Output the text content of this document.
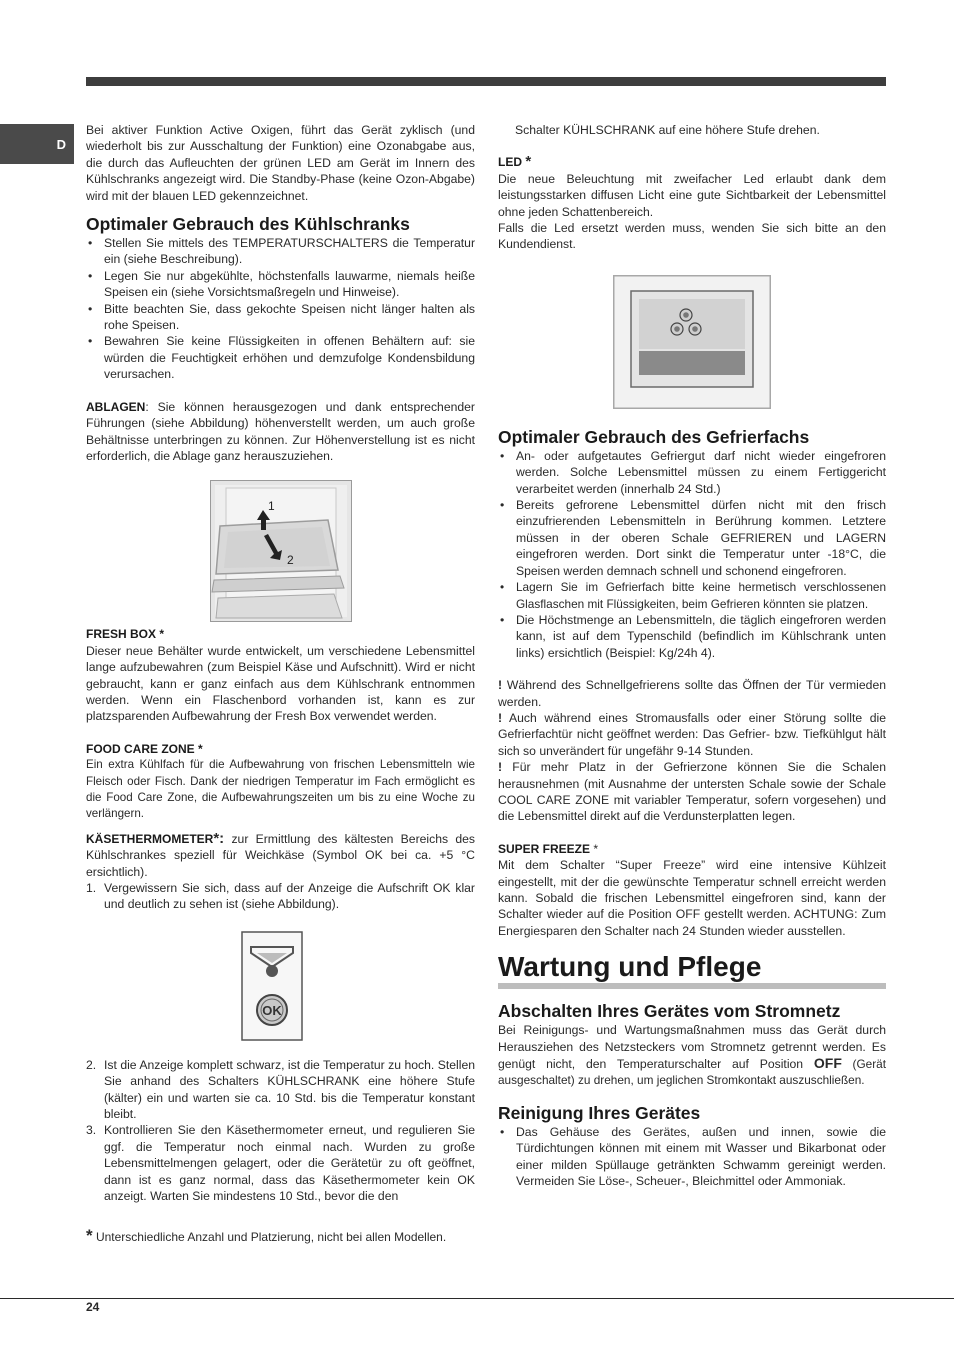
D

Bei aktiver Funktion Active Oxigen, führt das Gerät zyklisch (und wiederholt bis zur Ausschaltung der Funktion) eine Ozonabgabe aus, die durch das Aufleuchten der grünen LED am Gerät im Innern des Kühlschranks angezeigt wird. Die Standby-Phase (keine Ozon-Abgabe) wird mit der blauen LED gekennzeichnet.

Optimaler Gebrauch des Kühlschranks
• Stellen Sie mittels des TEMPERATURSCHALTERS die Temperatur ein (siehe Beschreibung).
• Legen Sie nur abgekühlte, höchstenfalls lauwarme, niemals heiße Speisen ein (siehe Vorsichtsmaßregeln und Hinweise).
• Bitte beachten Sie, dass gekochte Speisen nicht länger halten als rohe Speisen.
• Bewahren Sie keine Flüssigkeiten in offenen Behältern auf: sie würden die Feuchtigkeit erhöhen und demzufolge Kondensbildung verursachen.

ABLAGEN: Sie können herausgezogen und dank entsprechender Führungen (siehe Abbildung) höhenverstellt werden, um auch große Behältnisse unterbringen zu können. Zur Höhenverstellung ist es nicht erforderlich, die Ablage ganz herauszuziehen.

1
2
FRESH BOX *

Dieser neue Behälter wurde entwickelt, um verschiedene Lebensmittel lange aufzubewahren (zum Beispiel Käse und Aufschnitt). Wird er nicht gebraucht, kann er ganz einfach aus dem Kühlschrank entnommen werden. Wenn ein Flaschenbord vorhanden ist, kann es zur platzsparenden Aufbewahrung der Fresh Box verwendet werden.

FOOD CARE ZONE *

Ein extra Kühlfach für die Aufbewahrung von frischen Lebensmitteln wie Fleisch oder Fisch. Dank der niedrigen Temperatur im Fach ermöglicht es die Food Care Zone, die Aufbewahrungszeiten um bis zu eine Woche zu verlängern.

KÄSETHERMOMETER*: zur Ermittlung des kältesten Bereichs des Kühlschrankes speziell für Weichkäse (Symbol OK bei ca. +5 °C ersichtlich).

1. Vergewissern Sie sich, dass auf der Anzeige die Aufschrift OK klar und deutlich zu sehen ist (siehe Abbildung).
OK
2. Ist die Anzeige komplett schwarz, ist die Temperatur zu hoch. Stellen Sie anhand des Schalters KÜHLSCHRANK eine höhere Stufe (kälter) ein und warten sie ca. 10 Std. bis die Temperatur konstant bleibt.
3. Kontrollieren Sie den Käsethermometer erneut, und regulieren Sie ggf. die Temperatur noch einmal nach. Wurden zu große Lebensmittelmengen gelagert, oder die Gerätetür zu oft geöffnet, dann ist es ganz normal, dass das Käsethermometer kein OK anzeigt. Warten Sie mindestens 10 Std., bevor die den

* Unterschiedliche Anzahl und Platzierung, nicht bei allen Modellen.

Schalter KÜHLSCHRANK auf eine höhere Stufe drehen.

LED *

Die neue Beleuchtung mit zweifacher Led erlaubt dank dem leistungsstarken diffusen Licht eine gute Sichtbarkeit der Lebensmittel ohne jeden Schattenbereich.

Falls die Led ersetzt werden muss, wenden Sie sich bitte an den Kundendienst.

Optimaler Gebrauch des Gefrierfachs
• An- oder aufgetautes Gefriergut darf nicht wieder eingefroren werden. Solche Lebensmittel müssen zu einem Fertiggericht verarbeitet werden (innerhalb 24 Std.)
• Bereits gefrorene Lebensmittel dürfen nicht mit den frisch einzufrierenden Lebensmitteln in Berührung kommen. Letztere müssen in der oberen Schale GEFRIEREN und LAGERN eingefroren werden. Dort sinkt die Temperatur unter -18°C, die Speisen werden demnach schnell und schonend eingefroren.
• Lagern Sie im Gefrierfach bitte keine hermetisch verschlossenen Glasflaschen mit Flüssigkeiten, beim Gefrieren könnten sie platzen.
• Die Höchstmenge an Lebensmitteln, die täglich eingefroren werden kann, ist auf dem Typenschild (befindlich im Kühlschrank unten links) ersichtlich (Beispiel: Kg/24h 4).

! Während des Schnellgefrierens sollte das Öffnen der Tür vermieden werden.

! Auch während eines Stromausfalls oder einer Störung sollte die Gefrierfachtür nicht geöffnet werden: Das Gefrier- bzw. Tiefkühlgut hält sich so unverändert für ungefähr 9-14 Stunden.

! Für mehr Platz in der Gefrierzone können Sie die Schalen herausnehmen (mit Ausnahme der untersten Schale sowie der Schale COOL CARE ZONE mit variabler Temperatur, sofern vorgesehen) und die Lebensmittel direkt auf die Verdunsterplatten legen.

SUPER FREEZE *

Mit dem Schalter “Super Freeze” wird eine intensive Kühlzeit eingestellt, mit der die gewünschte Temperatur schnell erreicht werden kann. Sobald die frischen Lebensmittel eingefroren sind, kann der Schalter wieder auf die Position OFF gestellt werden. ACHTUNG: Zum Energiesparen den Schalter nach 24 Stunden wieder ausstellen.

Wartung und Pflege
Abschalten Ihres Gerätes vom Stromnetz

Bei Reinigungs- und Wartungsmaßnahmen muss das Gerät durch Herausziehen des Netzsteckers vom Stromnetz getrennt werden. Es genügt nicht, den Temperaturschalter auf Position OFF (Gerät ausgeschaltet) zu drehen, um jeglichen Stromkontakt auszuschließen.

Reinigung Ihres Gerätes
• Das Gehäuse des Gerätes, außen und innen, sowie die Türdichtungen können mit einem mit Wasser und Bikarbonat oder einer milden Spüllauge getränkten Schwamm gereinigt werden. Vermeiden Sie Löse-, Scheuer-, Bleichmittel oder Ammoniak.
24
